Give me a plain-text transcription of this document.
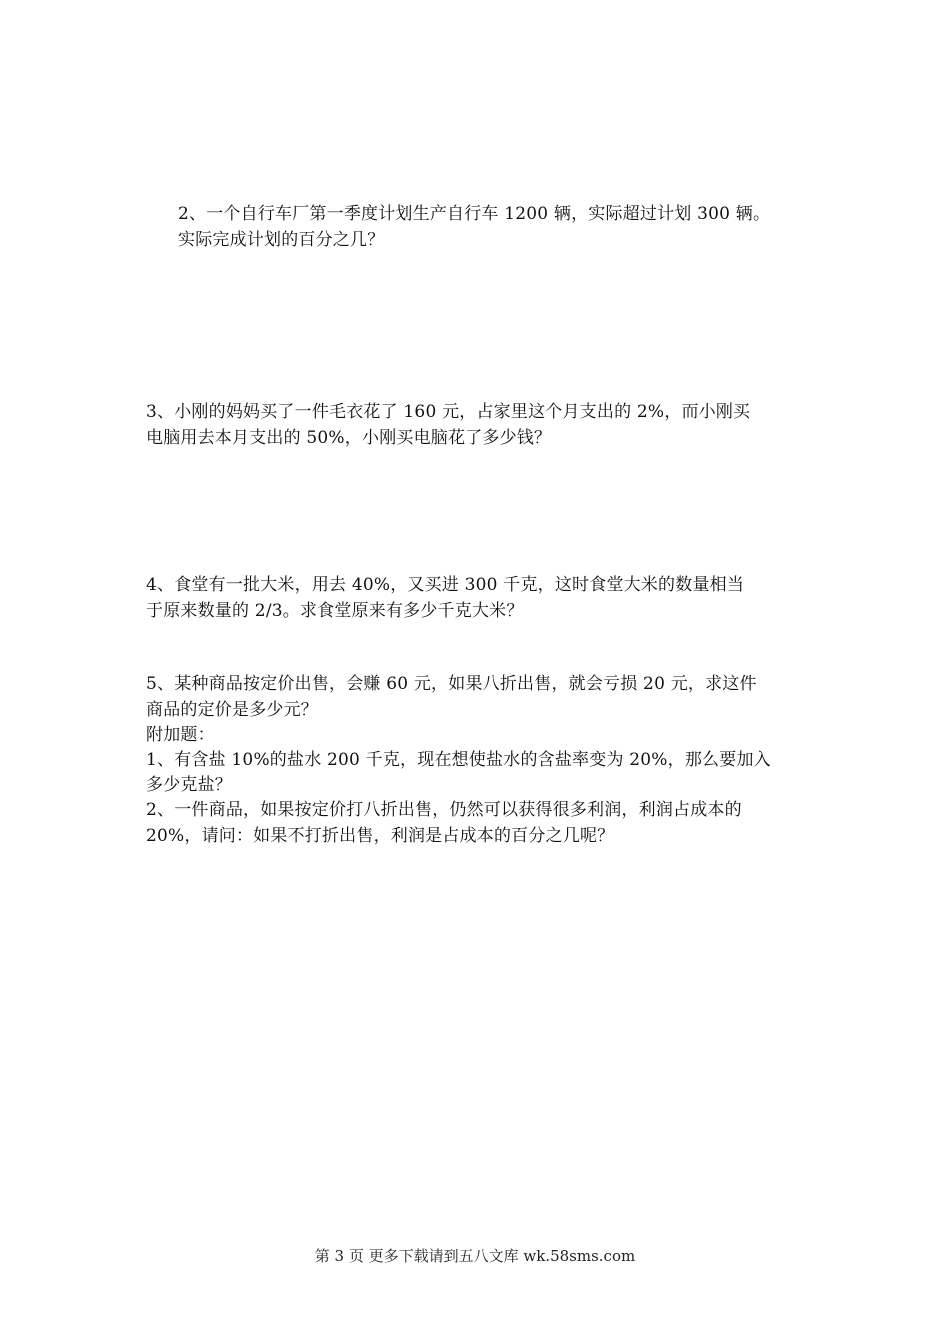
2、一个自行车厂第一季度计划生产自行车 1200 辆，实际超过计划 300 辆。
实际完成计划的百分之几？
3、小刚的妈妈买了一件毛衣花了 160 元，占家里这个月支出的 2%，而小刚买
电脑用去本月支出的 50%，小刚买电脑花了多少钱？
4、食堂有一批大米，用去 40%，又买进 300 千克，这时食堂大米的数量相当
于原来数量的 2/3。求食堂原来有多少千克大米？
5、某种商品按定价出售，会赚 60 元，如果八折出售，就会亏损 20 元，求这件
商品的定价是多少元？
附加题：
1、有含盐 10%的盐水 200 千克，现在想使盐水的含盐率变为 20%，那么要加入
多少克盐？
2、一件商品，如果按定价打八折出售，仍然可以获得很多利润，利润占成本的
20%，请问：如果不打折出售，利润是占成本的百分之几呢？
第 3 页 更多下载请到五八文库 wk.58sms.com
